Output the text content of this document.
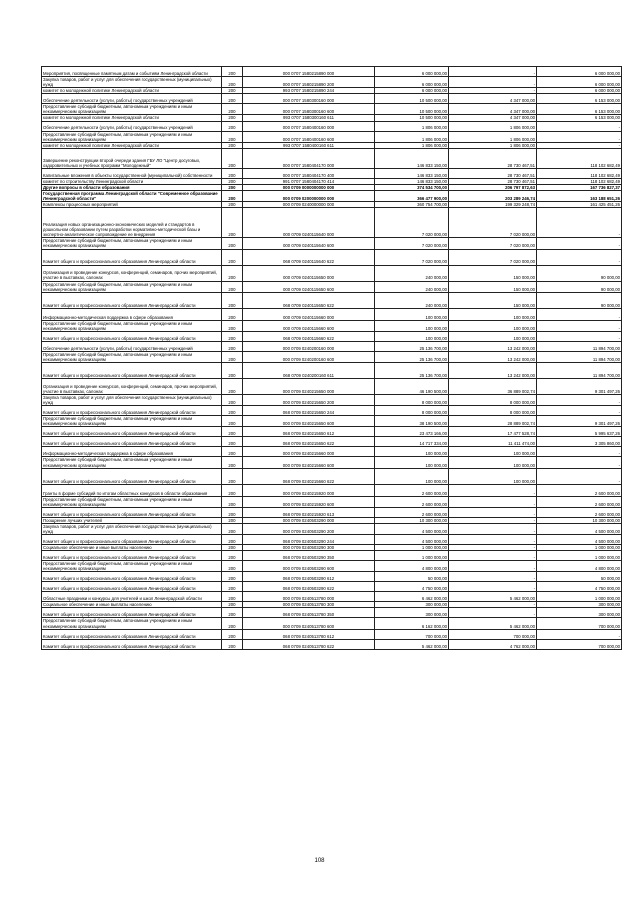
Мероприятия, посвященные памятным датам и событиям Ленинградской области	200	000 0707 1580215890 000	6 000 000,00	-	6 000 000,00
Закупка товаров, работ и услуг для обеспечения государственных (муниципальных) нужд	200	000 0707 1580215890 200	6 000 000,00	-	6 000 000,00
комитет по молодежной политике Ленинградской области	200	993 0707 1580215890 244	6 000 000,00	-	6 000 000,00
Обеспечение деятельности (услуги, работы) государственных учреждений	200	000 0707 1580300160 000	10 500 000,00	4 347 000,00	6 153 000,00
Предоставление субсидий бюджетным, автономным учреждениям и иным некоммерческим организациям	200	000 0707 1580300160 600	10 500 000,00	4 347 000,00	6 153 000,00
комитет по молодежной политике Ленинградской области	200	993 0707 1580300160 611	10 500 000,00	4 347 000,00	6 153 000,00
Обеспечение деятельности (услуги, работы) государственных учреждений	200	000 0707 1580400160 000	1 806 000,00	1 806 000,00	-
Предоставление субсидий бюджетным, автономным учреждениям и иным некоммерческим организациям	200	000 0707 1580400160 600	1 806 000,00	1 806 000,00	-
комитет по молодежной политике Ленинградской области	200	993 0707 1580400160 611	1 806 000,00	1 806 000,00	-
Завершение реконструкции второй очереди здания ГБУ ЛО "Центр досуговых, оздоровительных и учебных программ "Молодежный"	200	000 0707 1580404170 000	146 833 150,00	28 730 467,51	118 102 682,49
Капитальные вложения в объекты государственной (муниципальной) собственности	200	000 0707 1580404170 400	146 833 150,00	28 730 467,51	118 102 682,49
комитет по строительству Ленинградской области	200	991 0707 1580404170 414	146 833 150,00	28 730 467,51	118 102 682,49
Другие вопросы в области образования	200	000 0709 0000000000 000	374 534 700,00	206 797 872,63	167 736 827,37
Государственная программа Ленинградской области "Современное образование Ленинградской области"	200	000 0709 0200000000 000	366 477 900,00	203 289 246,74	163 188 651,26
Комплексы процессных мероприятий	200	000 0709 0240000000 000	360 754 700,00	199 329 248,74	161 425 451,26
Реализация новых организационно-экономических моделей и стандартов в дошкольном образовании путем разработки нормативно-методической базы и экспертно-аналитическое сопровождение ее внедрения	200	000 0709 0240115640 000	7 020 000,00	7 020 000,00	-
Предоставление субсидий бюджетным, автономным учреждениям и иным некоммерческим организациям	200	000 0709 0240115640 600	7 020 000,00	7 020 000,00	-
Комитет общего и профессионального образования Ленинградской области	200	068 0709 0240115640 622	7 020 000,00	7 020 000,00	-
Организация и проведение конкурсов, конференций, семинаров, прочих мероприятий, участие в выставках, салонах	200	000 0709 0240115650 000	240 000,00	150 000,00	90 000,00
Предоставление субсидий бюджетным, автономным учреждениям и иным некоммерческим организациям	200	000 0709 0240115650 600	240 000,00	150 000,00	90 000,00
Комитет общего и профессионального образования Ленинградской области	200	068 0709 0240115650 622	240 000,00	150 000,00	90 000,00
Информационно-методическая поддержка в сфере образования	200	000 0709 0240115660 000	100 000,00	100 000,00	-
Предоставление субсидий бюджетным, автономным учреждениям и иным некоммерческим организациям	200	000 0709 0240115660 600	100 000,00	100 000,00	-
Комитет общего и профессионального образования Ленинградской области	200	068 0709 0240115660 622	100 000,00	100 000,00	-
Обеспечение деятельности (услуги, работы) государственных учреждений	200	000 0709 0240200160 000	25 136 700,00	13 242 000,00	11 894 700,00
Предоставление субсидий бюджетным, автономным учреждениям и иным некоммерческим организациям	200	000 0709 0240200160 600	25 136 700,00	13 242 000,00	11 894 700,00
Комитет общего и профессионального образования Ленинградской области	200	068 0709 0240200160 611	25 136 700,00	13 242 000,00	11 894 700,00
Организация и проведение конкурсов, конференций, семинаров, прочих мероприятий, участие в выставках, салонах	200	000 0709 0240215650 000	46 190 500,00	36 889 002,74	9 301 497,26
Закупка товаров, работ и услуг для обеспечения государственных (муниципальных) нужд	200	000 0709 0240215650 200	8 000 000,00	8 000 000,00	-
Комитет общего и профессионального образования Ленинградской области	200	068 0709 0240215650 244	8 000 000,00	8 000 000,00	-
Предоставление субсидий бюджетным, автономным учреждениям и иным некоммерческим организациям	200	000 0709 0240215650 600	38 190 500,00	28 889 002,74	9 301 497,26
Комитет общего и профессионального образования Ленинградской области	200	068 0709 0240215650 612	23 473 166,00	17 477 528,74	5 995 637,26
Комитет общего и профессионального образования Ленинградской области	200	068 0709 0240215650 622	14 717 334,00	11 411 474,00	3 305 860,00
Информационно-методическая поддержка в сфере образования	200	000 0709 0240215660 000	100 000,00	100 000,00	-
Предоставление субсидий бюджетным, автономным учреждениям и иным некоммерческим организациям	200	000 0709 0240215660 600	100 000,00	100 000,00	-
Комитет общего и профессионального образования Ленинградской области	200	068 0709 0240215660 622	100 000,00	100 000,00	-
Гранты в форме субсидий по итогам областных конкурсов в области образования	200	000 0709 0240215920 000	2 600 000,00	-	2 600 000,00
Предоставление субсидий бюджетным, автономным учреждениям и иным некоммерческим организациям	200	000 0709 0240215920 600	2 600 000,00	-	2 600 000,00
Комитет общего и профессионального образования Ленинградской области	200	068 0709 0240215920 613	2 600 000,00	-	2 600 000,00
Поощрение лучших учителей	200	000 0709 0240503290 000	10 300 000,00	-	10 300 000,00
Закупка товаров, работ и услуг для обеспечения государственных (муниципальных) нужд	200	000 0709 0240503290 200	4 500 000,00	-	4 500 000,00
Комитет общего и профессионального образования Ленинградской области	200	068 0709 0240503290 244	4 500 000,00	-	4 500 000,00
Социальное обеспечение и иные выплаты населению	200	000 0709 0240503290 300	1 000 000,00	-	1 000 000,00
Комитет общего и профессионального образования Ленинградской области	200	068 0709 0240503290 350	1 000 000,00	-	1 000 000,00
Предоставление субсидий бюджетным, автономным учреждениям и иным некоммерческим организациям	200	000 0709 0240503290 600	4 800 000,00	-	4 800 000,00
Комитет общего и профессионального образования Ленинградской области	200	068 0709 0240503290 612	50 000,00	-	50 000,00
Комитет общего и профессионального образования Ленинградской области	200	068 0709 0240503290 622	4 750 000,00	-	4 750 000,00
Областные праздники и конкурсы для учителей и школ Ленинградской области	200	000 0709 0240513780 000	6 462 000,00	5 462 000,00	1 000 000,00
Социальное обеспечение и иные выплаты населению	200	000 0709 0240513780 300	300 000,00	-	300 000,00
Комитет общего и профессионального образования Ленинградской области	200	068 0709 0240513780 350	300 000,00	-	300 000,00
Предоставление субсидий бюджетным, автономным учреждениям и иным некоммерческим организациям	200	000 0709 0240513780 600	6 162 000,00	5 462 000,00	700 000,00
Комитет общего и профессионального образования Ленинградской области	200	068 0709 0240513780 612	700 000,00	700 000,00	-
Комитет общего и профессионального образования Ленинградской области	200	068 0709 0240513780 622	5 462 000,00	4 762 000,00	700 000,00
108
